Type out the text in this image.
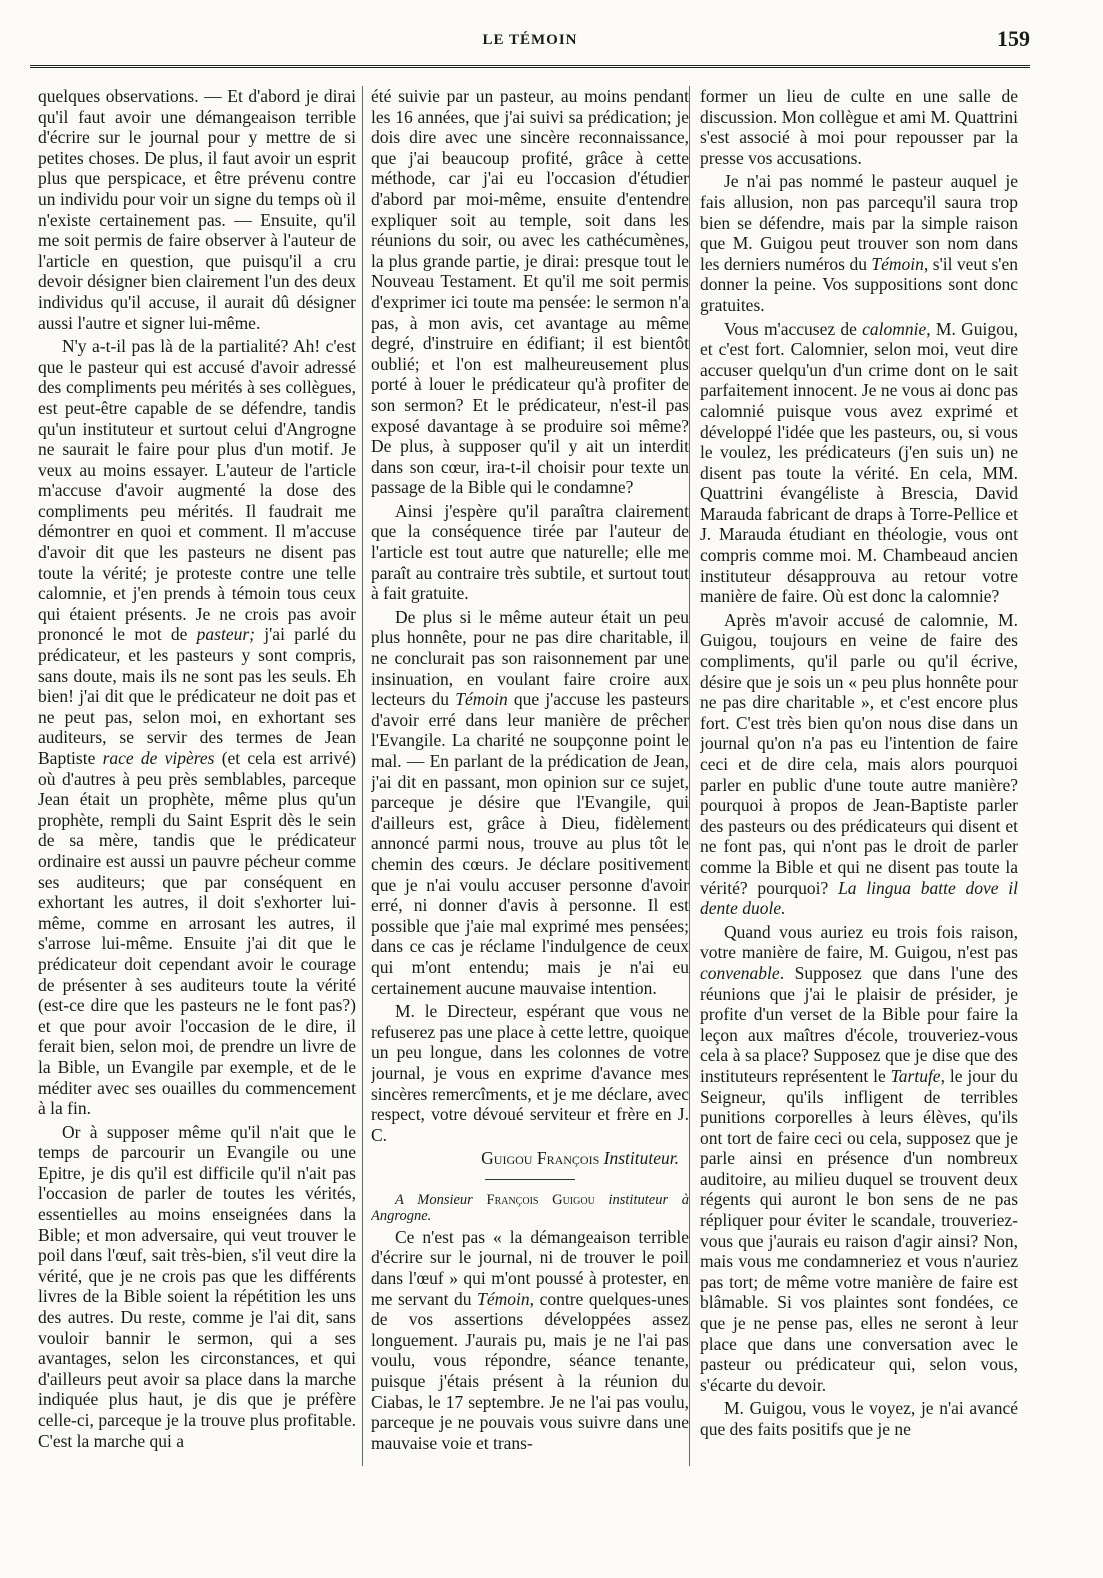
LE TÉMOIN	159

quelques observations. — Et d'abord je dirai qu'il faut avoir une démangeaison terrible d'écrire sur le journal pour y mettre de si petites choses. De plus, il faut avoir un esprit plus que perspicace, et être prévenu contre un individu pour voir un signe du temps où il n'existe certainement pas. — Ensuite, qu'il me soit permis de faire observer à l'auteur de l'article en question, que puisqu'il a cru devoir désigner bien clairement l'un des deux individus qu'il accuse, il aurait dû désigner aussi l'autre et signer lui-même.

N'y a-t-il pas là de la partialité? Ah! c'est que le pasteur qui est accusé d'avoir adressé des compliments peu mérités à ses collègues, est peut-être capable de se défendre, tandis qu'un instituteur et surtout celui d'Angrogne ne saurait le faire pour plus d'un motif. Je veux au moins essayer. L'auteur de l'article m'accuse d'avoir augmenté la dose des compliments peu mérités. Il faudrait me démontrer en quoi et comment. Il m'accuse d'avoir dit que les pasteurs ne disent pas toute la vérité; je proteste contre une telle calomnie, et j'en prends à témoin tous ceux qui étaient présents. Je ne crois pas avoir prononcé le mot de pasteur; j'ai parlé du prédicateur, et les pasteurs y sont compris, sans doute, mais ils ne sont pas les seuls. Eh bien! j'ai dit que le prédicateur ne doit pas et ne peut pas, selon moi, en exhortant ses auditeurs, se servir des termes de Jean Baptiste race de vipères (et cela est arrivé) où d'autres à peu près semblables, parceque Jean était un prophète, même plus qu'un prophète, rempli du Saint Esprit dès le sein de sa mère, tandis que le prédicateur ordinaire est aussi un pauvre pécheur comme ses auditeurs; que par conséquent en exhortant les autres, il doit s'exhorter lui-même, comme en arrosant les autres, il s'arrose lui-même. Ensuite j'ai dit que le prédicateur doit cependant avoir le courage de présenter à ses auditeurs toute la vérité (est-ce dire que les pasteurs ne le font pas?) et que pour avoir l'occasion de le dire, il ferait bien, selon moi, de prendre un livre de la Bible, un Evangile par exemple, et de le méditer avec ses ouailles du commencement à la fin.

Or à supposer même qu'il n'ait que le temps de parcourir un Evangile ou une Epitre, je dis qu'il est difficile qu'il n'ait pas l'occasion de parler de toutes les vérités, essentielles au moins enseignées dans la Bible; et mon adversaire, qui veut trouver le poil dans l'œuf, sait très-bien, s'il veut dire la vérité, que je ne crois pas que les différents livres de la Bible soient la répétition les uns des autres. Du reste, comme je l'ai dit, sans vouloir bannir le sermon, qui a ses avantages, selon les circonstances, et qui d'ailleurs peut avoir sa place dans la marche indiquée plus haut, je dis que je préfère celle-ci, parceque je la trouve plus profitable. C'est la marche qui a

été suivie par un pasteur, au moins pendant les 16 années, que j'ai suivi sa prédication; je dois dire avec une sincère reconnaissance, que j'ai beaucoup profité, grâce à cette méthode, car j'ai eu l'occasion d'étudier d'abord par moi-même, ensuite d'entendre expliquer soit au temple, soit dans les réunions du soir, ou avec les cathécumènes, la plus grande partie, je dirai: presque tout le Nouveau Testament. Et qu'il me soit permis d'exprimer ici toute ma pensée: le sermon n'a pas, à mon avis, cet avantage au même degré, d'instruire en édifiant; il est bientôt oublié; et l'on est malheureusement plus porté à louer le prédicateur qu'à profiter de son sermon? Et le prédicateur, n'est-il pas exposé davantage à se produire soi même? De plus, à supposer qu'il y ait un interdit dans son cœur, ira-t-il choisir pour texte un passage de la Bible qui le condamne?

Ainsi j'espère qu'il paraîtra clairement que la conséquence tirée par l'auteur de l'article est tout autre que naturelle; elle me paraît au contraire très subtile, et surtout tout à fait gratuite.

De plus si le même auteur était un peu plus honnête, pour ne pas dire charitable, il ne conclurait pas son raisonnement par une insinuation, en voulant faire croire aux lecteurs du Témoin que j'accuse les pasteurs d'avoir erré dans leur manière de prêcher l'Evangile. La charité ne soupçonne point le mal. — En parlant de la prédication de Jean, j'ai dit en passant, mon opinion sur ce sujet, parceque je désire que l'Evangile, qui d'ailleurs est, grâce à Dieu, fidèlement annoncé parmi nous, trouve au plus tôt le chemin des cœurs. Je déclare positivement que je n'ai voulu accuser personne d'avoir erré, ni donner d'avis à personne. Il est possible que j'aie mal exprimé mes pensées; dans ce cas je réclame l'indulgence de ceux qui m'ont entendu; mais je n'ai eu certainement aucune mauvaise intention.

M. le Directeur, espérant que vous ne refuserez pas une place à cette lettre, quoique un peu longue, dans les colonnes de votre journal, je vous en exprime d'avance mes sincères remercîments, et je me déclare, avec respect, votre dévoué serviteur et frère en J. C.

Guigou François Instituteur.

A Monsieur François Guigou instituteur à Angrogne.

Ce n'est pas « la démangeaison terrible d'écrire sur le journal, ni de trouver le poil dans l'œuf » qui m'ont poussé à protester, en me servant du Témoin, contre quelques-unes de vos assertions développées assez longuement. J'aurais pu, mais je ne l'ai pas voulu, vous répondre, séance tenante, puisque j'étais présent à la réunion du Ciabas, le 17 septembre. Je ne l'ai pas voulu, parceque je ne pouvais vous suivre dans une mauvaise voie et trans-

former un lieu de culte en une salle de discussion. Mon collègue et ami M. Quattrini s'est associé à moi pour repousser par la presse vos accusations.

Je n'ai pas nommé le pasteur auquel je fais allusion, non pas parcequ'il saura trop bien se défendre, mais par la simple raison que M. Guigou peut trouver son nom dans les derniers numéros du Témoin, s'il veut s'en donner la peine. Vos suppositions sont donc gratuites.

Vous m'accusez de calomnie, M. Guigou, et c'est fort. Calomnier, selon moi, veut dire accuser quelqu'un d'un crime dont on le sait parfaitement innocent. Je ne vous ai donc pas calomnié puisque vous avez exprimé et développé l'idée que les pasteurs, ou, si vous le voulez, les prédicateurs (j'en suis un) ne disent pas toute la vérité. En cela, MM. Quattrini évangéliste à Brescia, David Marauda fabricant de draps à Torre-Pellice et J. Marauda étudiant en théologie, vous ont compris comme moi. M. Chambeaud ancien instituteur désapprouva au retour votre manière de faire. Où est donc la calomnie?

Après m'avoir accusé de calomnie, M. Guigou, toujours en veine de faire des compliments, qu'il parle ou qu'il écrive, désire que je sois un « peu plus honnête pour ne pas dire charitable », et c'est encore plus fort. C'est très bien qu'on nous dise dans un journal qu'on n'a pas eu l'intention de faire ceci et de dire cela, mais alors pourquoi parler en public d'une toute autre manière? pourquoi à propos de Jean-Baptiste parler des pasteurs ou des prédicateurs qui disent et ne font pas, qui n'ont pas le droit de parler comme la Bible et qui ne disent pas toute la vérité? pourquoi? La lingua batte dove il dente duole.

Quand vous auriez eu trois fois raison, votre manière de faire, M. Guigou, n'est pas convenable. Supposez que dans l'une des réunions que j'ai le plaisir de présider, je profite d'un verset de la Bible pour faire la leçon aux maîtres d'école, trouveriez-vous cela à sa place? Supposez que je dise que des instituteurs représentent le Tartufe, le jour du Seigneur, qu'ils infligent de terribles punitions corporelles à leurs élèves, qu'ils ont tort de faire ceci ou cela, supposez que je parle ainsi en présence d'un nombreux auditoire, au milieu duquel se trouvent deux régents qui auront le bon sens de ne pas répliquer pour éviter le scandale, trouveriez-vous que j'aurais eu raison d'agir ainsi? Non, mais vous me condamneriez et vous n'auriez pas tort; de même votre manière de faire est blâmable. Si vos plaintes sont fondées, ce que je ne pense pas, elles ne seront à leur place que dans une conversation avec le pasteur ou prédicateur qui, selon vous, s'écarte du devoir.

M. Guigou, vous le voyez, je n'ai avancé que des faits positifs que je ne
